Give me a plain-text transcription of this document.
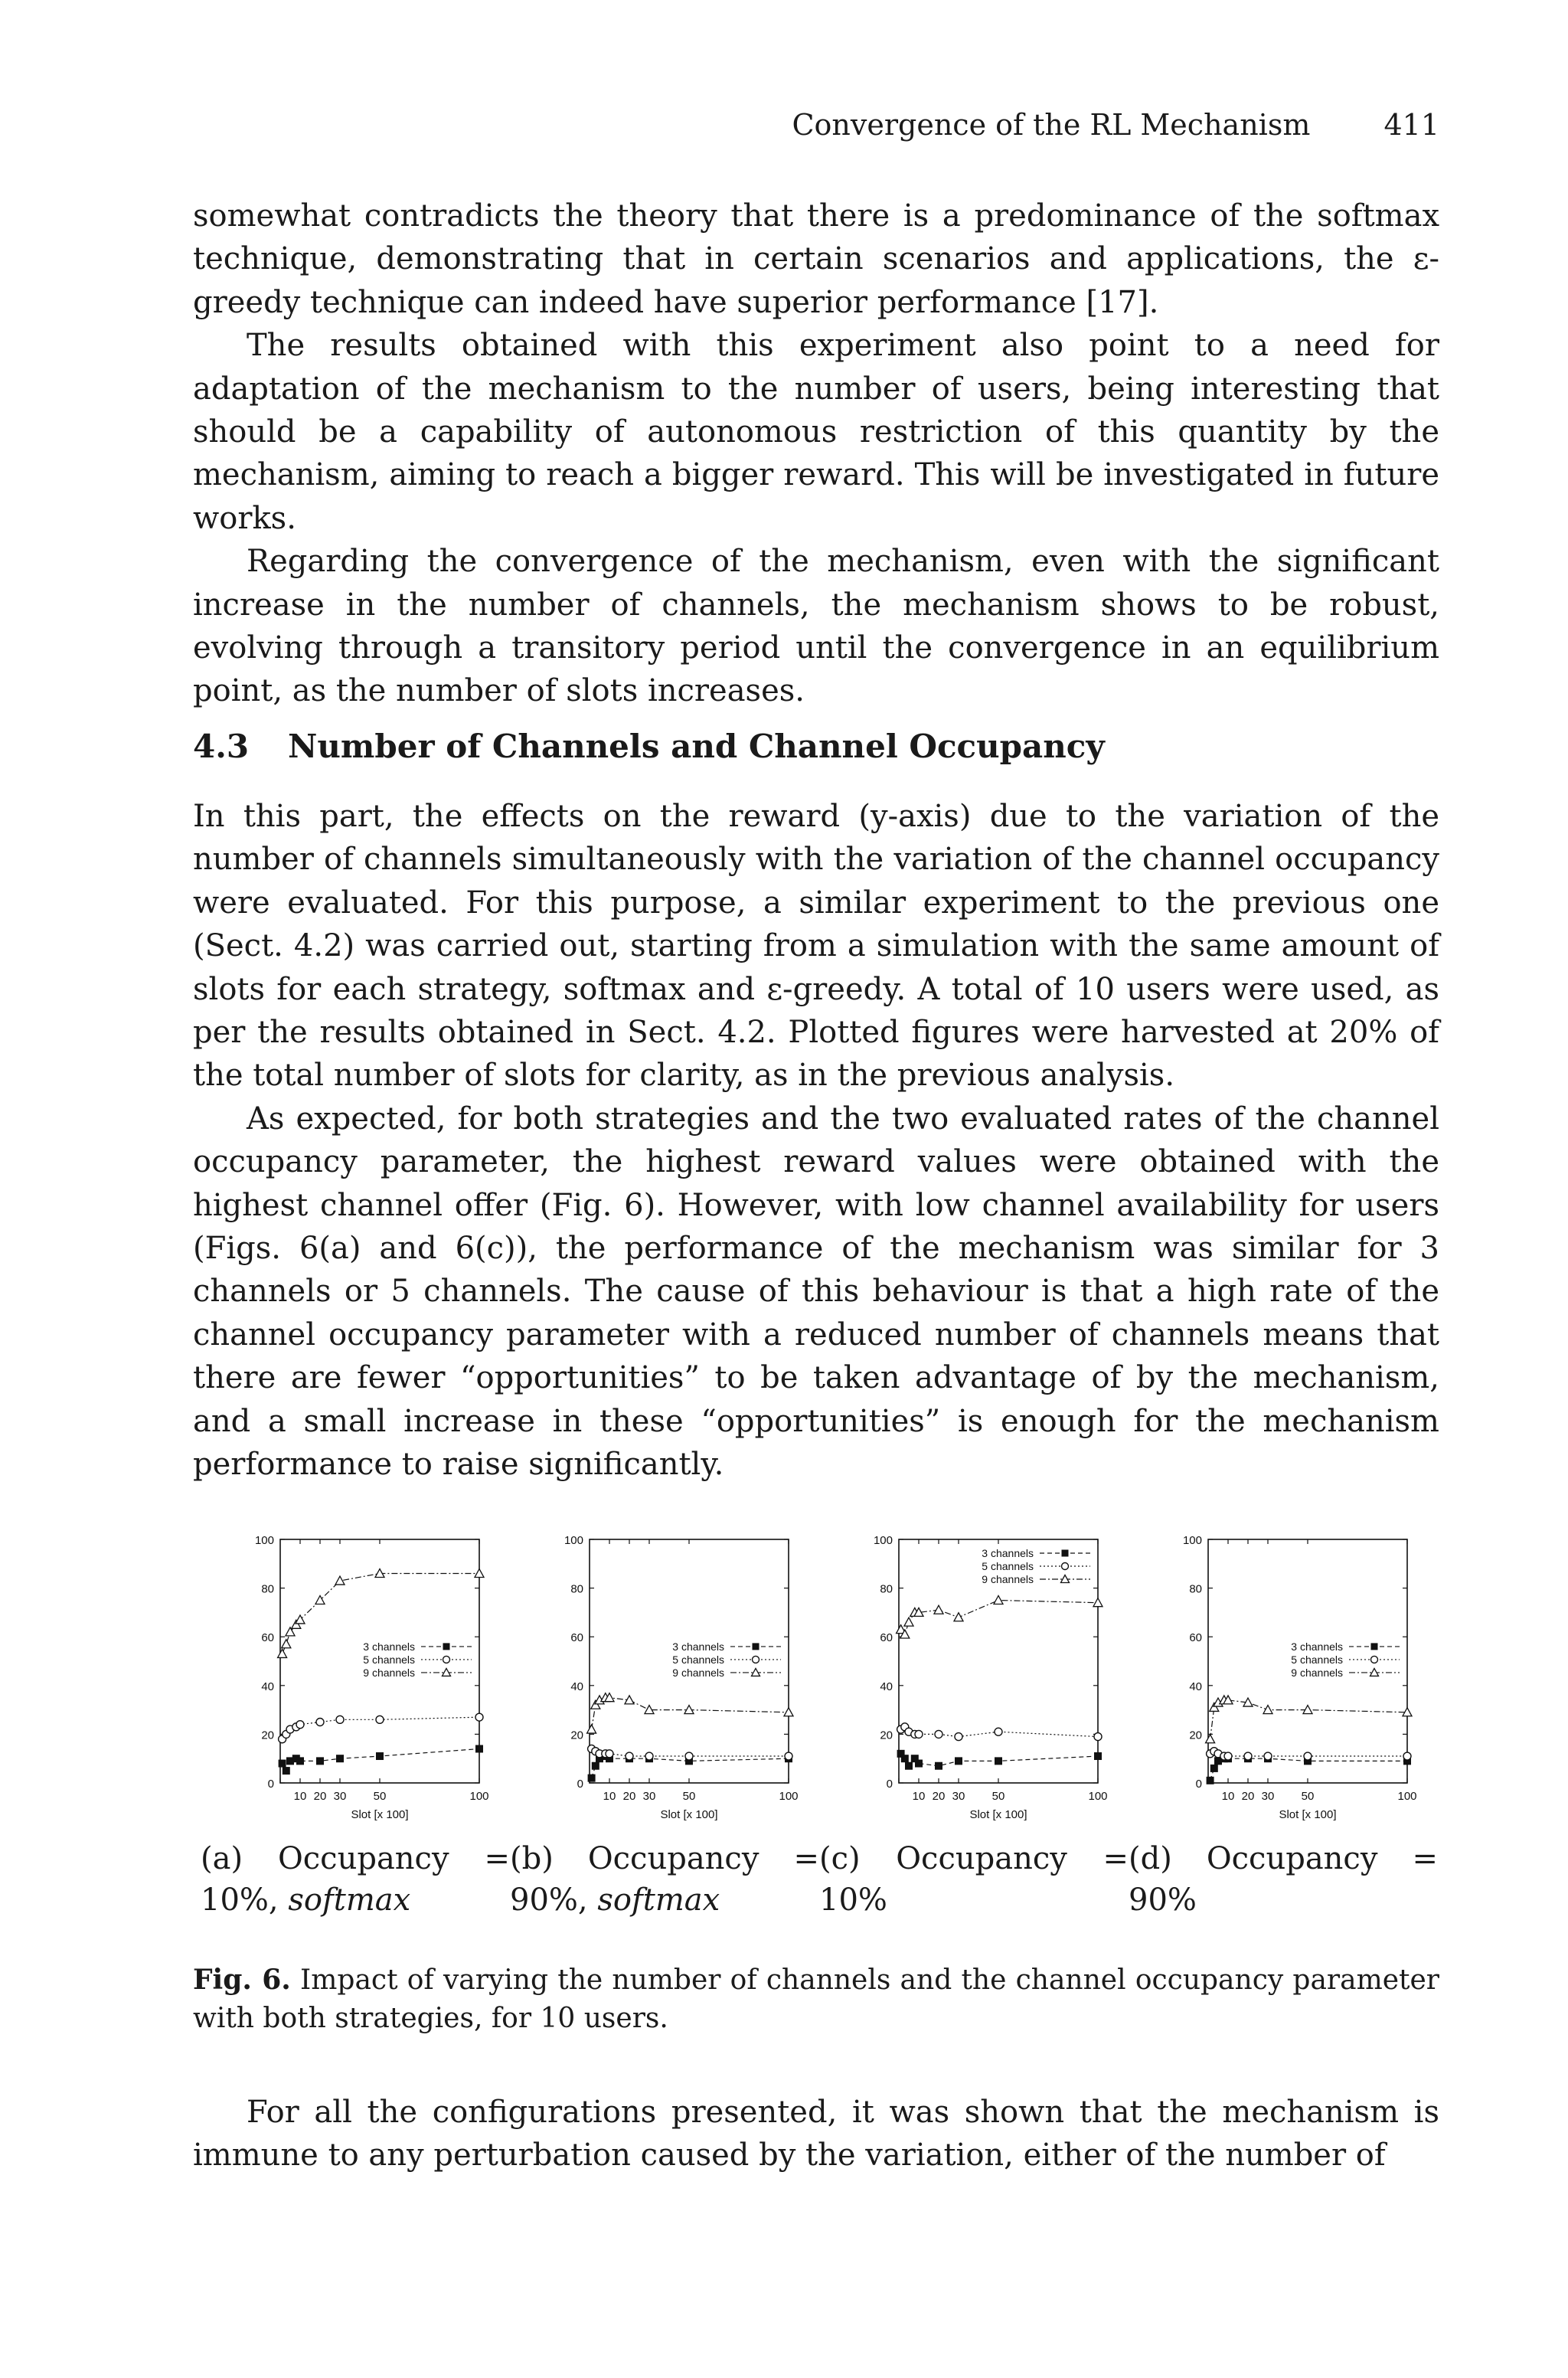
Convergence of the RL Mechanism	411

somewhat contradicts the theory that there is a predominance of the softmax technique, demonstrating that in certain scenarios and applications, the ε-greedy technique can indeed have superior performance [17].

The results obtained with this experiment also point to a need for adaptation of the mechanism to the number of users, being interesting that should be a capability of autonomous restriction of this quantity by the mechanism, aiming to reach a bigger reward. This will be investigated in future works.

Regarding the convergence of the mechanism, even with the significant increase in the number of channels, the mechanism shows to be robust, evolving through a transitory period until the convergence in an equilibrium point, as the number of slots increases.

4.3 Number of Channels and Channel Occupancy

In this part, the effects on the reward (y-axis) due to the variation of the number of channels simultaneously with the variation of the channel occupancy were evaluated. For this purpose, a similar experiment to the previous one (Sect. 4.2) was carried out, starting from a simulation with the same amount of slots for each strategy, softmax and ε-greedy. A total of 10 users were used, as per the results obtained in Sect. 4.2. Plotted figures were harvested at 20% of the total number of slots for clarity, as in the previous analysis.

As expected, for both strategies and the two evaluated rates of the channel occupancy parameter, the highest reward values were obtained with the highest channel offer (Fig. 6). However, with low channel availability for users (Figs. 6(a) and 6(c)), the performance of the mechanism was similar for 3 channels or 5 channels. The cause of this behaviour is that a high rate of the channel occupancy parameter with a reduced number of channels means that there are fewer “opportunities” to be taken advantage of by the mechanism, and a small increase in these “opportunities” is enough for the mechanism performance to raise significantly.

0
20
40
60
80
100
10 20 30 50	100
Slot [x 100]
3 channels
5 channels
9 channels
0
20
40
60
80
100
10 20 30 50	100
Slot [x 100]
3 channels
5 channels
9 channels
0
20
40
60
80
100
10 20 30 50	100
Slot [x 100]
3 channels
5 channels
9 channels
0
20
40
60
80
100
10 20 30 50	100
Slot [x 100]
3 channels
5 channels
9 channels
(a) Occupancy =
10%, softmax
(b) Occupancy =
90%, softmax
(c) Occupancy =
10%
(d) Occupancy =
90%
Fig. 6. Impact of varying the number of channels and the channel occupancy parameter with both strategies, for 10 users.

For all the configurations presented, it was shown that the mechanism is immune to any perturbation caused by the variation, either of the number of
